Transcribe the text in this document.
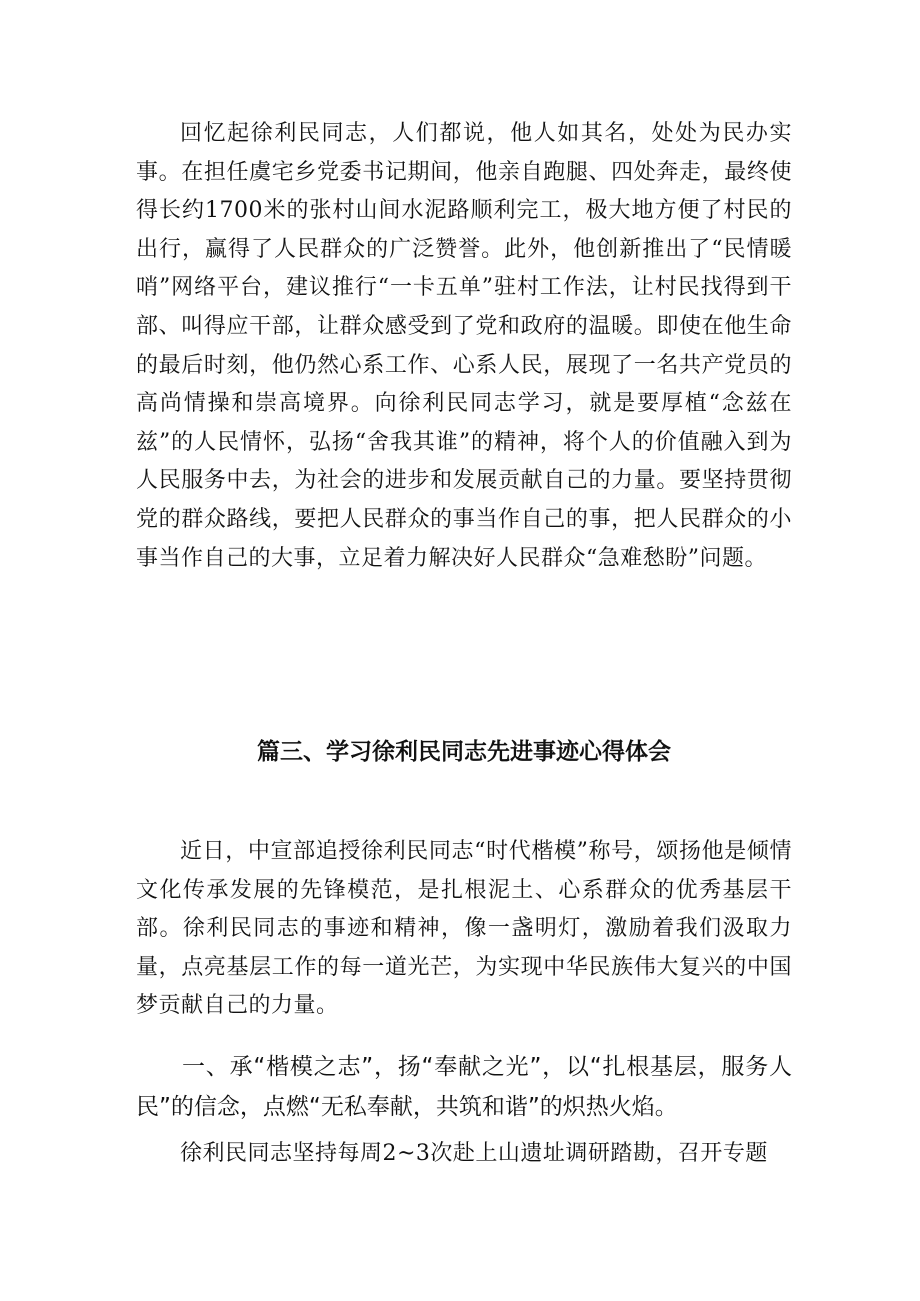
回忆起徐利民同志，人们都说，他人如其名，处处为民办实事。在担任虞宅乡党委书记期间，他亲自跑腿、四处奔走，最终使得长约1700米的张村山间水泥路顺利完工，极大地方便了村民的出行，赢得了人民群众的广泛赞誉。此外，他创新推出了“民情暖哨”网络平台，建议推行“一卡五单”驻村工作法，让村民找得到干部、叫得应干部，让群众感受到了党和政府的温暖。即使在他生命的最后时刻，他仍然心系工作、心系人民，展现了一名共产党员的高尚情操和崇高境界。向徐利民同志学习，就是要厚植“念兹在兹”的人民情怀，弘扬“舍我其谁”的精神，将个人的价值融入到为人民服务中去，为社会的进步和发展贡献自己的力量。要坚持贯彻党的群众路线，要把人民群众的事当作自己的事，把人民群众的小事当作自己的大事，立足着力解决好人民群众“急难愁盼”问题。

篇三、学习徐利民同志先进事迹心得体会

近日，中宣部追授徐利民同志“时代楷模”称号，颂扬他是倾情文化传承发展的先锋模范，是扎根泥土、心系群众的优秀基层干部。徐利民同志的事迹和精神，像一盏明灯，激励着我们汲取力量，点亮基层工作的每一道光芒，为实现中华民族伟大复兴的中国梦贡献自己的力量。

一、承“楷模之志”，扬“奉献之光”，以“扎根基层，服务人民”的信念，点燃“无私奉献，共筑和谐”的炽热火焰。

徐利民同志坚持每周2~3次赴上山遗址调研踏勘，召开专题
